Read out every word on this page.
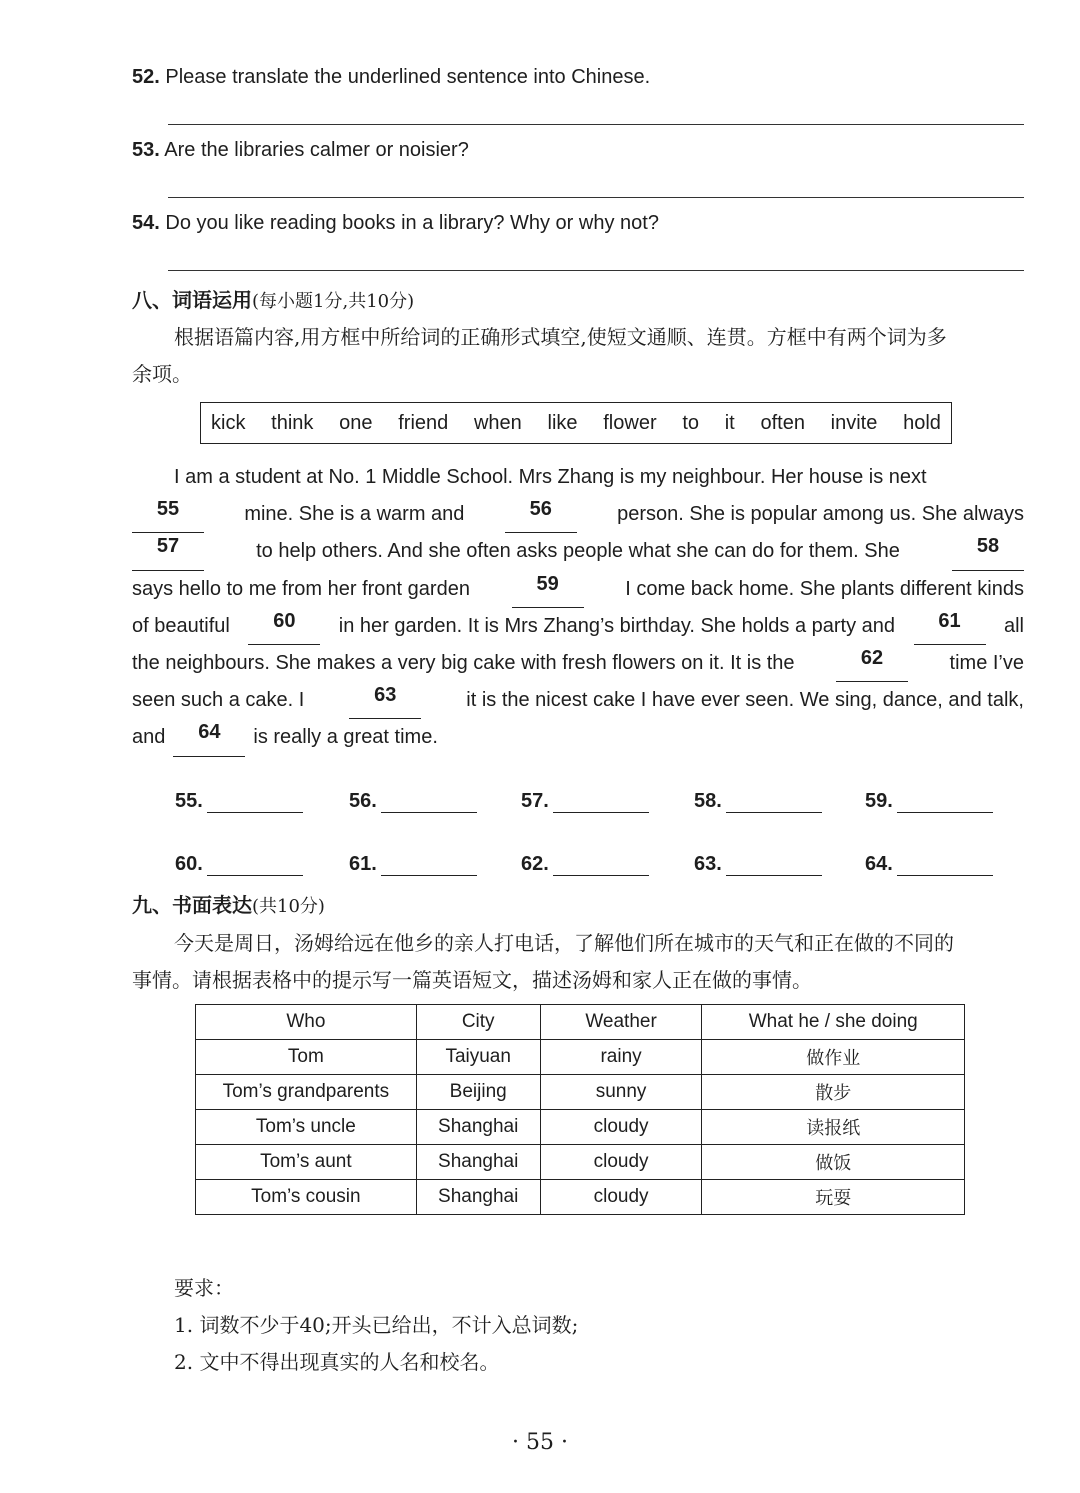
52. Please translate the underlined sentence into Chinese.
53. Are the libraries calmer or noisier?
54. Do you like reading books in a library? Why or why not?
八、词语运用(每小题1分,共10分)
根据语篇内容,用方框中所给词的正确形式填空,使短文通顺、连贯。方框中有两个词为多
余项。
kick think one friend when like flower to it often invite hold
I am a student at No. 1 Middle School. Mrs Zhang is my neighbour. Her house is next
55	mine. She is a warm and	56	person. She is popular among us. She always
57	to help others. And she often asks people what she can do for them. She	58
says hello to me from her front garden	59	I come back home. She plants different kinds
of beautiful	60	in her garden. It is Mrs Zhang’s birthday. She holds a party and	61	all
the neighbours. She makes a very big cake with fresh flowers on it. It is the	62	time I’ve
seen such a cake. I	63	it is the nicest cake I have ever seen. We sing, dance, and talk,
and	64	is really a great time.
55.	56.	57.	58.	59.
60.	61.	62.	63.	64.
九、书面表达(共10分)
今天是周日，汤姆给远在他乡的亲人打电话，了解他们所在城市的天气和正在做的不同的
事情。请根据表格中的提示写一篇英语短文，描述汤姆和家人正在做的事情。
Who	City	Weather	What he / she doing
Tom	Taiyuan	rainy	做作业
Tom’s grandparents	Beijing	sunny	散步
Tom’s uncle	Shanghai	cloudy	读报纸
Tom’s aunt	Shanghai	cloudy	做饭
Tom’s cousin	Shanghai	cloudy	玩耍
要求：
1. 词数不少于40;开头已给出，不计入总词数;
2. 文中不得出现真实的人名和校名。
· 55 ·
